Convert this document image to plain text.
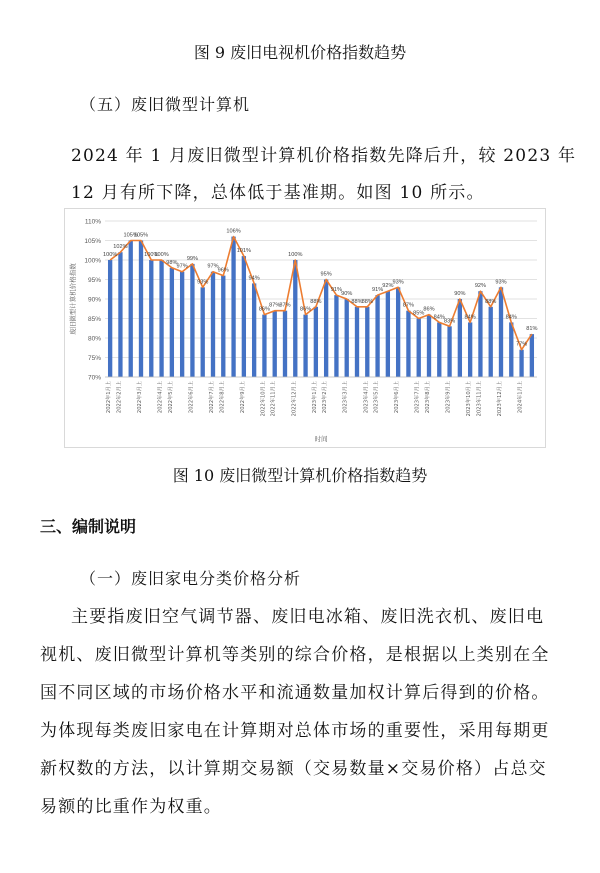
图 9 废旧电视机价格指数趋势

（五）废旧微型计算机

2024 年 1 月废旧微型计算机价格指数先降后升，较 2023 年

12 月有所下降，总体低于基准期。如图 10 所示。

70%
75%
80%
85%
90%
95%
100%
105%
110%
废旧微型计算机价格指数
100%
102%
105%
105%
100%
100%
98%
97%
99%
93%
97%
96%
106%
101%
94%
86%
87% 87%
100%
86%
88%
95%
91%
90%
88% 88%
91%
92%
93%
87%
85%
86%
84%
83%
90%
84%
92%
88%
93%
84%
77%
81%
2022年1月上 2022年2月上	2022年3月上	2022年4月上 2022年5月上	2022年6月上	2022年7月上 2022年8月上	2022年9月上	2022年10月上 2022年11月上	2022年12月上	2023年1月上 2023年2月上	2023年3月上	2023年4月上 2023年5月上	2023年6月上	2023年7月上 2023年8月上	2023年9月上	2023年10月上 2023年11月上	2023年12月上	2024年1月上
时间

图 10 废旧微型计算机价格指数趋势

三、编制说明

（一）废旧家电分类价格分析

主要指废旧空气调节器、废旧电冰箱、废旧洗衣机、废旧电

视机、废旧微型计算机等类别的综合价格，是根据以上类别在全

国不同区域的市场价格水平和流通数量加权计算后得到的价格。

为体现每类废旧家电在计算期对总体市场的重要性，采用每期更

新权数的方法，以计算期交易额（交易数量×交易价格）占总交

易额的比重作为权重。
